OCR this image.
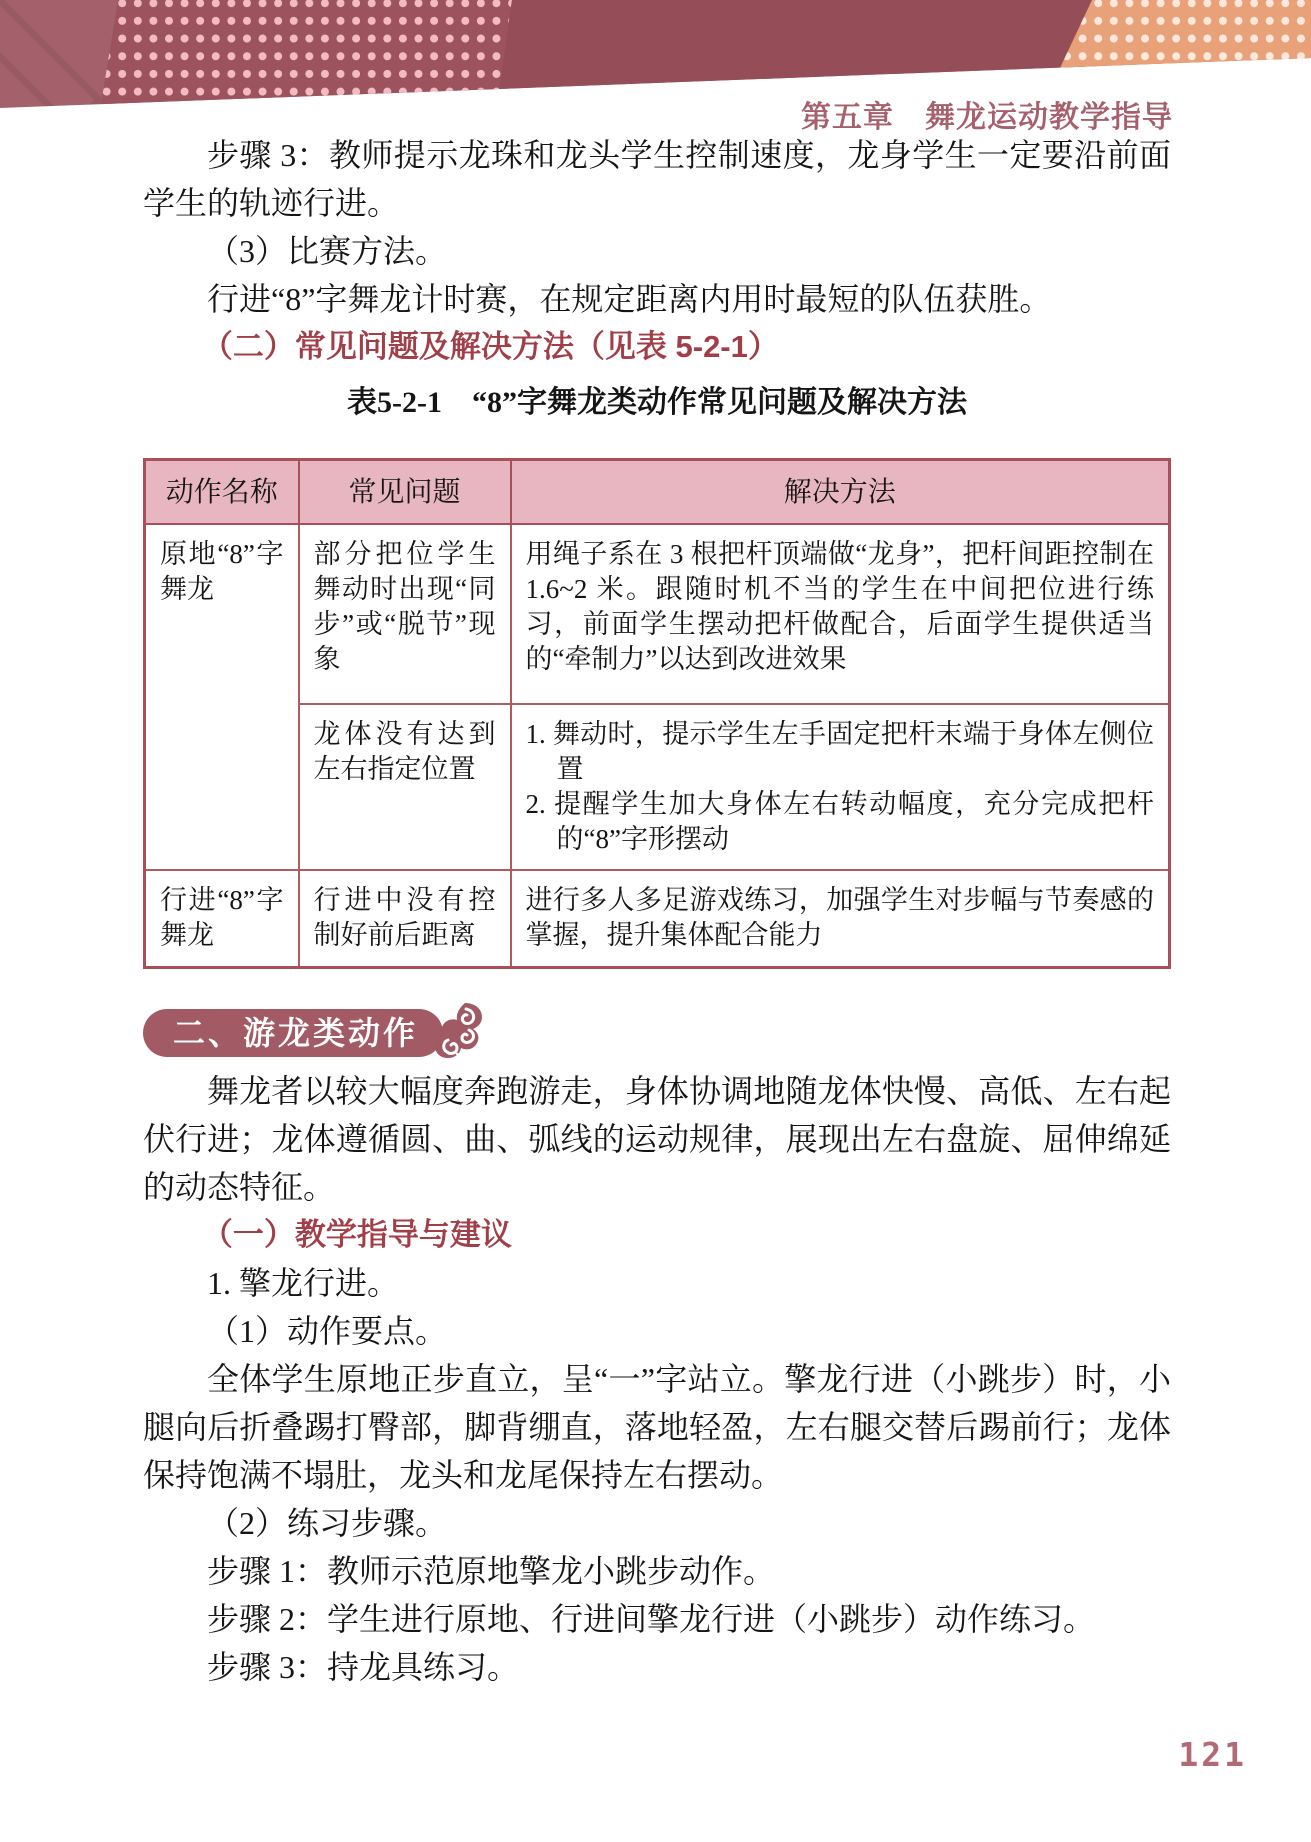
第五章　舞龙运动教学指导

步骤 3：教师提示龙珠和龙头学生控制速度，龙身学生一定要沿前面学生的轨迹行进。

（3）比赛方法。

行进“8”字舞龙计时赛，在规定距离内用时最短的队伍获胜。

（二）常见问题及解决方法（见表 5-2-1）

表5-2-1　“8”字舞龙类动作常见问题及解决方法
动作名称	常见问题	解决方法
原地“8”字舞龙	部分把位学生舞动时出现“同步”或“脱节”现象	用绳子系在 3 根把杆顶端做“龙身”，把杆间距控制在 1.6~2 米。跟随时机不当的学生在中间把位进行练习，前面学生摆动把杆做配合，后面学生提供适当的“牵制力”以达到改进效果
	龙体没有达到左右指定位置	1. 舞动时，提示学生左手固定把杆末端于身体左侧位置
2. 提醒学生加大身体左右转动幅度，充分完成把杆的“8”字形摆动

行进“8”字舞龙	行进中没有控制好前后距离	进行多人多足游戏练习，加强学生对步幅与节奏感的掌握，提升集体配合能力
二、游龙类动作

舞龙者以较大幅度奔跑游走，身体协调地随龙体快慢、高低、左右起伏行进；龙体遵循圆、曲、弧线的运动规律，展现出左右盘旋、屈伸绵延的动态特征。

（一）教学指导与建议

1. 擎龙行进。

（1）动作要点。

全体学生原地正步直立，呈“一”字站立。擎龙行进（小跳步）时，小腿向后折叠踢打臀部，脚背绷直，落地轻盈，左右腿交替后踢前行；龙体保持饱满不塌肚，龙头和龙尾保持左右摆动。

（2）练习步骤。

步骤 1：教师示范原地擎龙小跳步动作。

步骤 2：学生进行原地、行进间擎龙行进（小跳步）动作练习。

步骤 3：持龙具练习。

121
